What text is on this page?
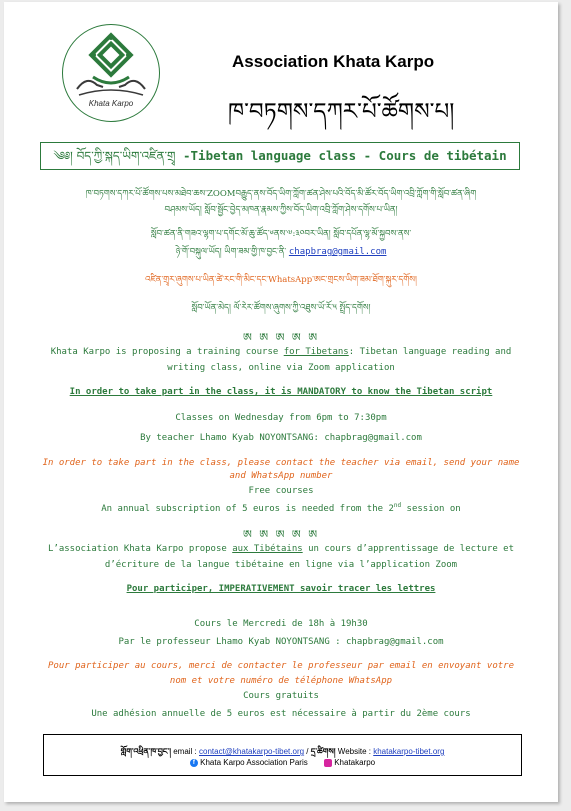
Khata Karpo
Association Khata Karpo
ཁ་བཏགས་དཀར་པོ་ཚོགས་པ།
༄༅། བོད་ཀྱི་སྐད་ཡིག་འཛིན་གྲྭ -Tibetan language class - Cours de tibétain
ཁ་བཏགས་དཀར་པོ་ཚོགས་པས་མཐེབ་ཆས་ZOOMབརྒྱུད་ནས་བོད་ཡིག་ཀློག་ཚན་ཤེས་པའི་བོད་མི་ཚོར་བོད་ཡིག་འབྲི་ཀློག་གི་སློབ་ཚན་ཞིག
བཤམས་ཡོད། སློབ་སྦྱོང་བྱེད་མཁན་རྣམས་ཀྱིས་བོད་ཡིག་འབྲི་ཀློག་ཤེས་དགོས་པ་ཡིན།
སློབ་ཚན་ནི་གཟའ་ལྷག་པ་དགོང་མོ་ཆུ་ཚོད་༦ནས་༧:༣༠བར་ཡིན། སློབ་དཔོན་ལྷ་མོ་སྐྱབས་ནས་
ཉེ་གོ་བསྐུལ་ཡོད། ཡིག་ཟམ་གྱི་ཁ་བྱང་ནི་ chapbrag@gmail.com
འཛིན་གྲྭར་ཞུགས་པ་ཡིན་ཚེ་རང་གི་མིང་དང་WhatsApp་ཨང་གྲངས་ཡིག་ཟམ་ཐོག་སྐུར་དགོས།
སློབ་ཡོན་མེད། ལོ་རེར་ཚོགས་ཞུགས་ཀྱི་འཐུས་ཡོ་རོ་༥ སྤྲོད་དགོས།
ཨ ཨ ཨ ཨ ཨ
Khata Karpo is proposing a training course for Tibetans: Tibetan language reading and
writing class, online via Zoom application
In order to take part in the class, it is MANDATORY to know the Tibetan script
Classes on Wednesday from 6pm to 7:30pm
By teacher Lhamo Kyab NOYONTSANG: chapbrag@gmail.com
In order to take part in the class, please contact the teacher via email, send your name
and WhatsApp number
Free courses
An annual subscription of 5 euros is needed from the 2nd session on
ཨ ཨ ཨ ཨ ཨ
L’association Khata Karpo propose aux Tibétains un cours d’apprentissage de lecture et
d’écriture de la langue tibétaine en ligne via l’application Zoom
Pour participer, IMPERATIVEMENT savoir tracer les lettres
Cours le Mercredi de 18h à 19h30
Par le professeur Lhamo Kyab NOYONTSANG : chapbrag@gmail.com
Pour participer au cours, merci de contacter le professeur par email en envoyant votre
nom et votre numéro de téléphone WhatsApp
Cours gratuits
Une adhésion annuelle de 5 euros est nécessaire à partir du 2ème cours
གློག་འཕྲིན་ཁ་བྱང་། email : contact@khatakarpo-tibet.org / དྲ་ཚིགས། Website : khatakarpo-tibet.org
f Khata Karpo Association Paris	Khatakarpo
